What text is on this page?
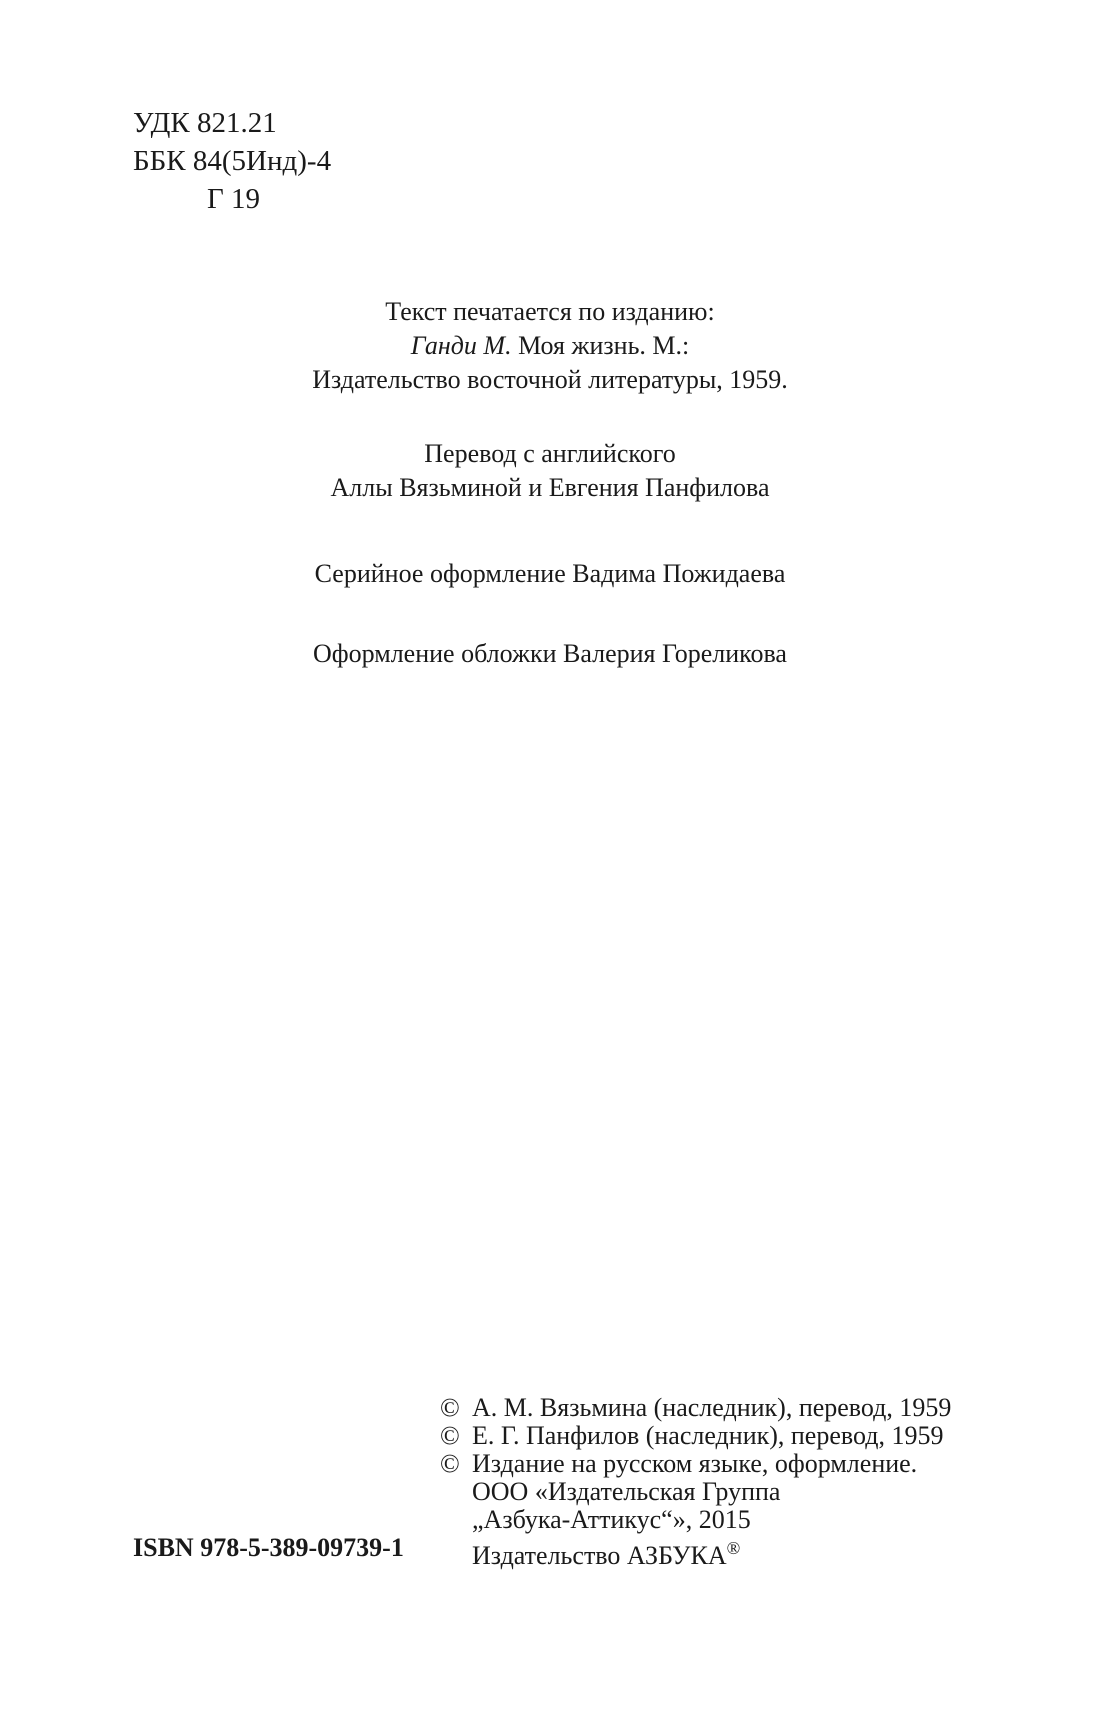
УДК 821.21
ББК 84(5Инд)-4
Г 19
Текст печатается по изданию:
Ганди М. Моя жизнь. М.:
Издательство восточной литературы, 1959.
Перевод с английского
Аллы Вязьминой и Евгения Панфилова
Серийное оформление Вадима Пожидаева
Оформление обложки Валерия Гореликова
© А. М. Вязьмина (наследник), перевод, 1959
© Е. Г. Панфилов (наследник), перевод, 1959
© Издание на русском языке, оформление.
ООО «Издательская Группа
„Азбука-Аттикус“», 2015
Издательство АЗБУКА®
ISBN 978-5-389-09739-1
